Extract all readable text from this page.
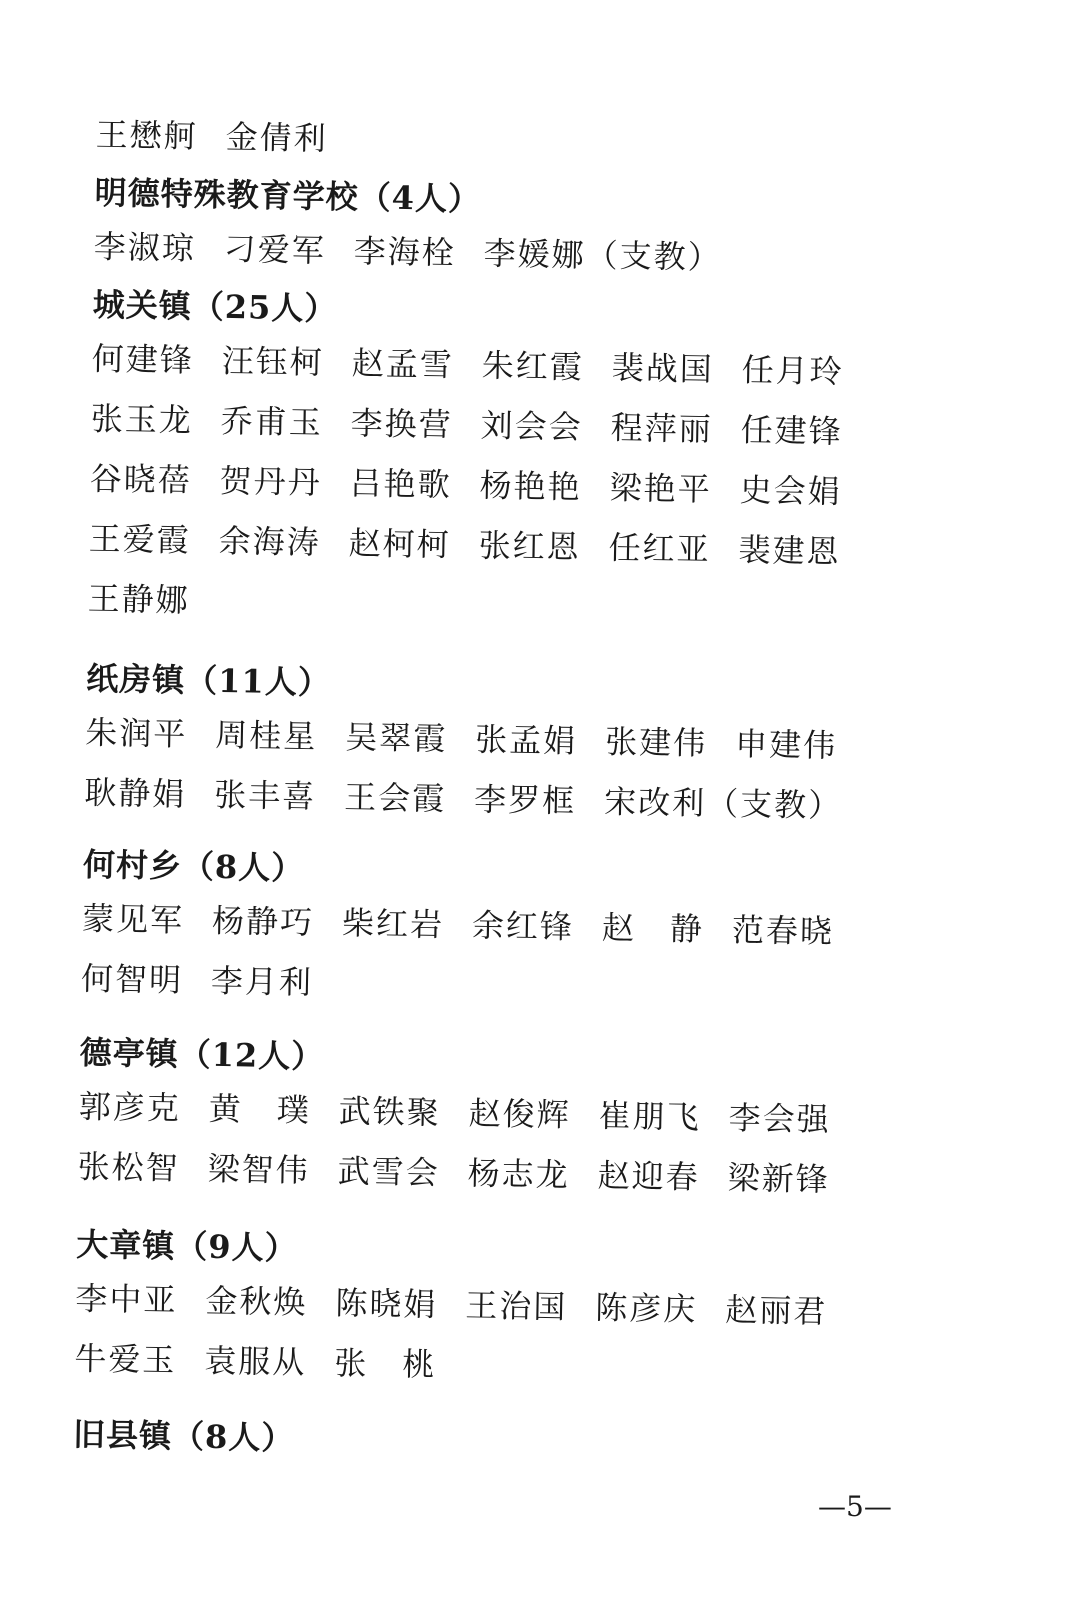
王懋舸 金倩利
明德特殊教育学校（4人）
李淑琼 刁爱军 李海栓 李媛娜（支教）
城关镇（25人）
何建锋 汪钰柯 赵孟雪 朱红霞 裴战国 任月玲
张玉龙 乔甫玉 李换营 刘会会 程萍丽 任建锋
谷晓蓓 贺丹丹 吕艳歌 杨艳艳 梁艳平 史会娟
王爱霞 余海涛 赵柯柯 张红恩 任红亚 裴建恩
王静娜
纸房镇（11人）
朱润平 周桂星 吴翠霞 张孟娟 张建伟 申建伟
耿静娟 张丰喜 王会霞 李罗框 宋改利（支教）
何村乡（8人）
蒙见军 杨静巧 柴红岩 余红锋 赵　静 范春晓
何智明 李月利
德亭镇（12人）
郭彦克 黄　璞 武铁聚 赵俊辉 崔朋飞 李会强
张松智 梁智伟 武雪会 杨志龙 赵迎春 梁新锋
大章镇（9人）
李中亚 金秋焕 陈晓娟 王治国 陈彦庆 赵丽君
牛爱玉 袁服从 张　桃
旧县镇（8人）
—5—
